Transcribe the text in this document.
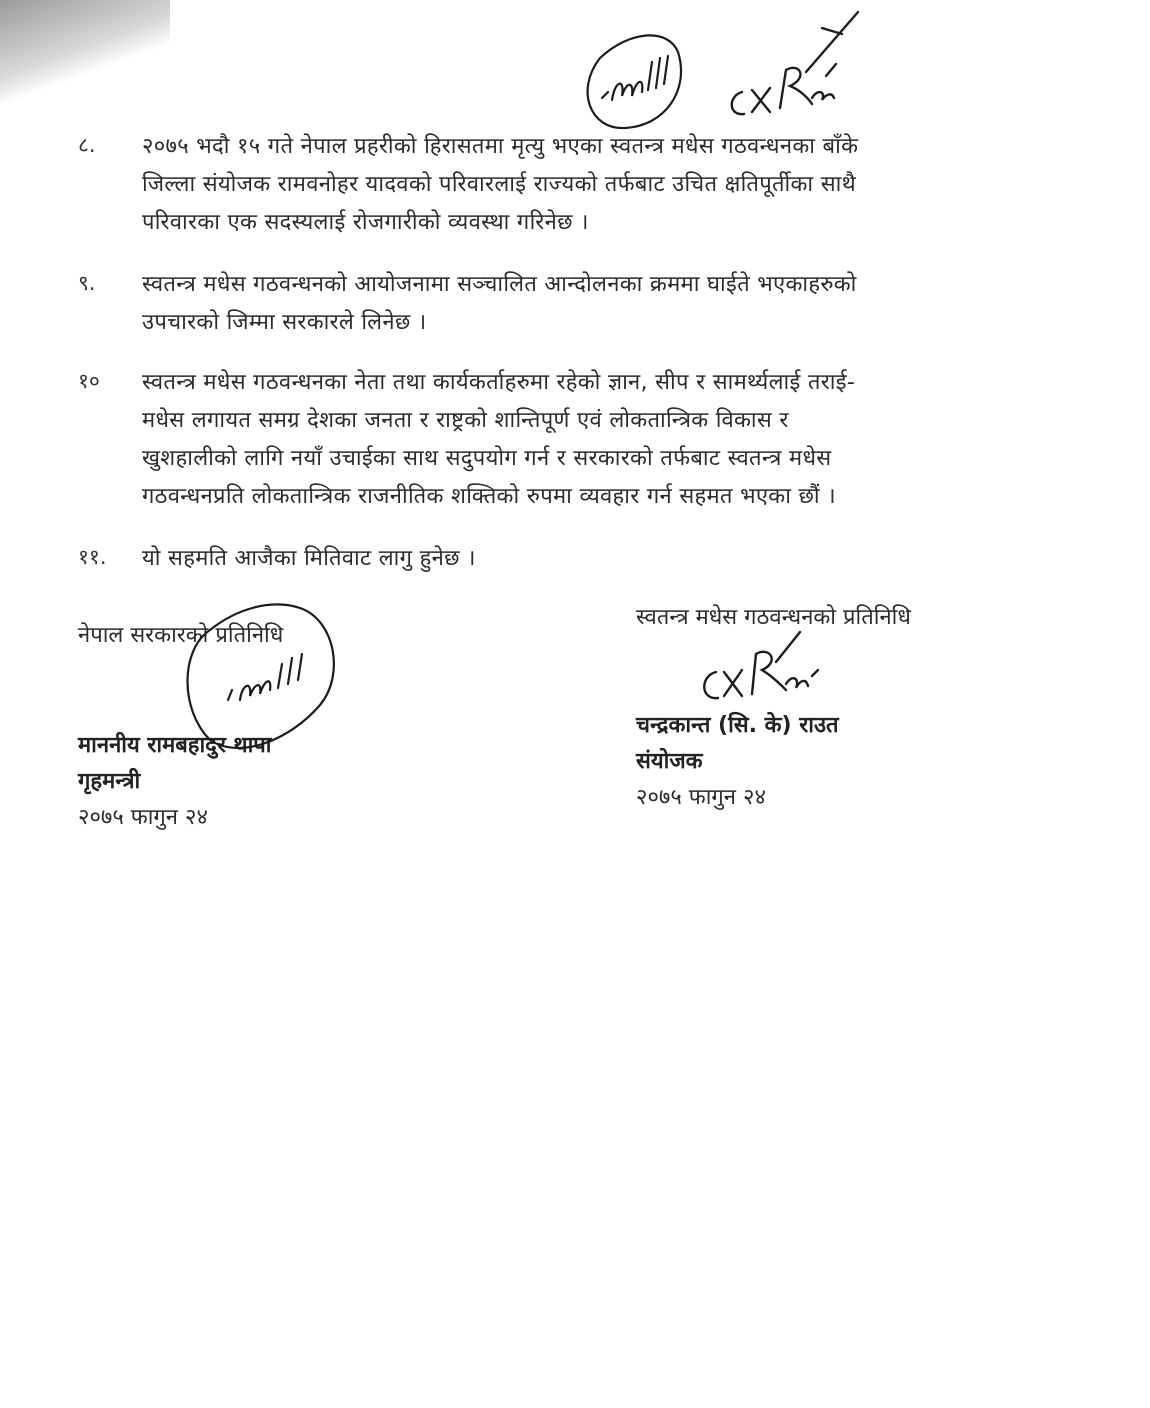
८. २०७५ भदौ १५ गते नेपाल प्रहरीको हिरासतमा मृत्यु भएका स्वतन्त्र मधेस गठवन्धनका बाँके

जिल्ला संयोजक रामवनोहर यादवको परिवारलाई राज्यको तर्फबाट उचित क्षतिपूर्तीका साथै

परिवारका एक सदस्यलाई रोजगारीको व्यवस्था गरिनेछ ।

९. स्वतन्त्र मधेस गठवन्धनको आयोजनामा सञ्चालित आन्दोलनका क्रममा घाईते भएकाहरुको

उपचारको जिम्मा सरकारले लिनेछ ।

१० स्वतन्त्र मधेस गठवन्धनका नेता तथा कार्यकर्ताहरुमा रहेको ज्ञान, सीप र सामर्थ्यलाई तराई-

मधेस लगायत समग्र देशका जनता र राष्ट्रको शान्तिपूर्ण एवं लोकतान्त्रिक विकास र

खुशहालीको लागि नयाँ उचाईका साथ सदुपयोग गर्न र सरकारको तर्फबाट स्वतन्त्र मधेस

गठवन्धनप्रति लोकतान्त्रिक राजनीतिक शक्तिको रुपमा व्यवहार गर्न सहमत भएका छौं ।

११. यो सहमति आजैका मितिवाट लागु हुनेछ ।

नेपाल सरकारको प्रतिनिधि
माननीय रामबहादुर थापा
गृहमन्त्री
२०७५ फागुन २४
स्वतन्त्र मधेस गठवन्धनको प्रतिनिधि
चन्द्रकान्त (सि. के) राउत
संयोजक
२०७५ फागुन २४
